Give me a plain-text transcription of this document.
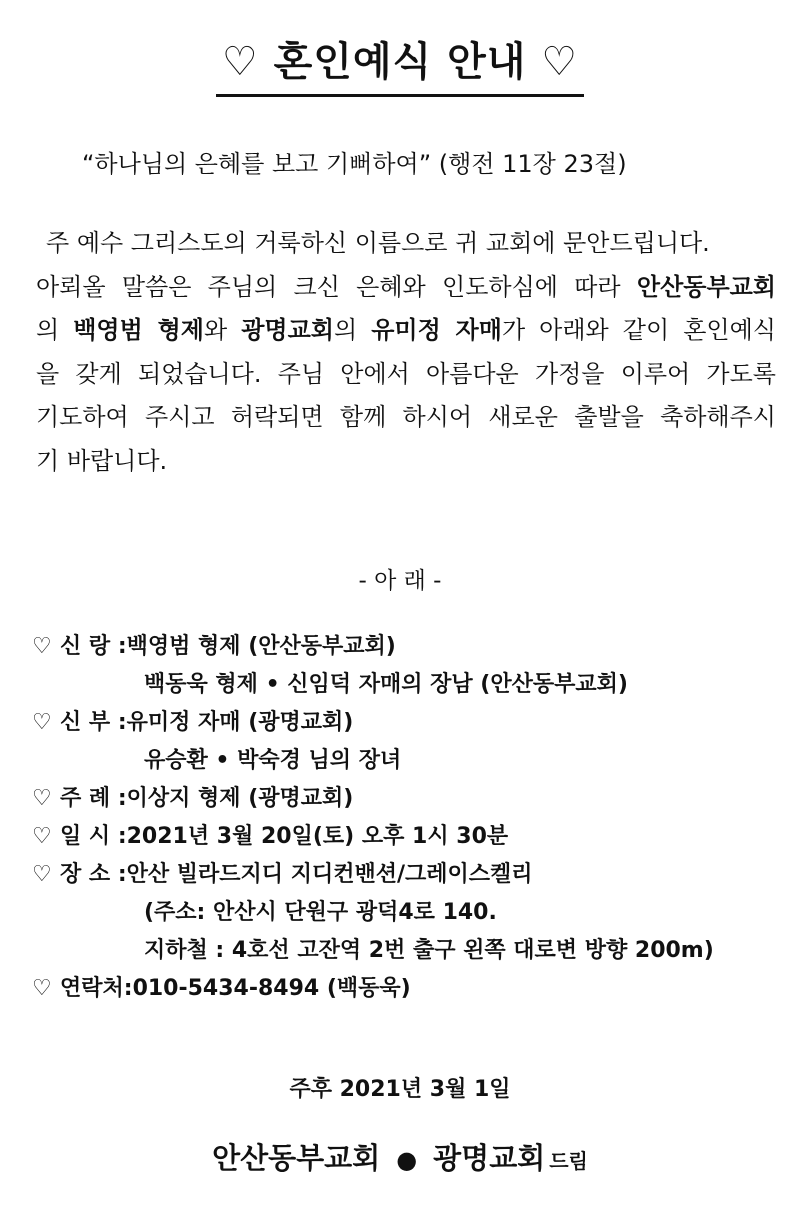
♡ 혼인예식 안내 ♡
“하나님의 은혜를 보고 기뻐하여” (행전 11장 23절)
주 예수 그리스도의 거룩하신 이름으로 귀 교회에 문안드립니다.
아뢰올 말씀은 주님의 크신 은혜와 인도하심에 따라 안산동부교회
의 백영범 형제와 광명교회의 유미정 자매가 아래와 같이 혼인예식
을 갖게 되었습니다. 주님 안에서 아름다운 가정을 이루어 가도록
기도하여 주시고 허락되면 함께 하시어 새로운 출발을 축하해주시
기 바랍니다.
- 아 래 -
♡ 신 랑 :백영범 형제 (안산동부교회)
백동욱 형제 • 신임덕 자매의 장남 (안산동부교회)
♡ 신 부 :유미정 자매 (광명교회)
유승환 • 박숙경 님의 장녀
♡ 주 례 :이상지 형제 (광명교회)
♡ 일 시 :2021년 3월 20일(토) 오후 1시 30분
♡ 장 소 :안산 빌라드지디 지디컨밴션/그레이스켈리
(주소: 안산시 단원구 광덕4로 140.
지하철 : 4호선 고잔역 2번 출구 왼쪽 대로변 방향 200m)
♡ 연락처:010-5434-8494 (백동욱)
주후 2021년 3월 1일
안산동부교회 ● 광명교회 드림
